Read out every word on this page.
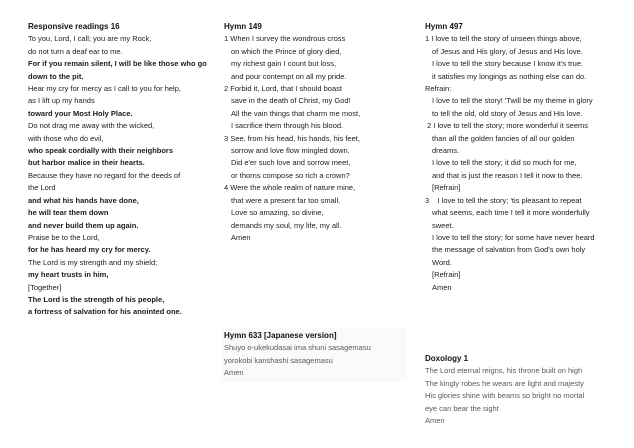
Responsive readings 16
To you, Lord, I call; you are my Rock,
do not turn a deaf ear to me.
For if you remain silent, I will be like those who go
down to the pit.
Hear my cry for mercy as I call to you for help,
as I lift up my hands
toward your Most Holy Place.
Do not drag me away with the wicked,
with those who do evil,
who speak cordially with their neighbors
but harbor malice in their hearts.
Because they have no regard for the deeds of
the Lord
and what his hands have done,
he will tear them down
and never build them up again.
Praise be to the Lord,
for he has heard my cry for mercy.
The Lord is my strength and my shield;
my heart trusts in him,
[Together]
The Lord is the strength of his people,
a fortress of salvation for his anointed one.
Hymn 149
1 When I survey the wondrous cross
on which the Prince of glory died,
my richest gain I count but loss,
and pour contempt on all my pride.
2 Forbid it, Lord, that I should boast
save in the death of Christ, my God!
All the vain things that charm me most,
I sacrifice them through his blood.
3 See, from his head, his hands, his feet,
sorrow and love flow mingled down.
Did e'er such love and sorrow meet,
or thorns compose so rich a crown?
4 Were the whole realm of nature mine,
that were a present far too small.
Love so amazing, so divine,
demands my soul, my life, my all.
Amen
Hymn 633 [Japanese version]
Shuyo o-ukekudasai ima shuni sasagemasu
yorokobi kanshashi sasagemasu
Amen
Hymn 497
1 I love to tell the story of unseen things above,
of Jesus and His glory, of Jesus and His love.
I love to tell the story because I know it's true.
it satisfies my longings as nothing else can do.
Refrain:
I love to tell the story! 'Twill be my theme in glory
to tell the old, old story of Jesus and His love.
2 I love to tell the story; more wonderful it seems
than all the golden fancies of all our golden
dreams.
I love to tell the story; it did so much for me,
and that is just the reason I tell it now to thee.
[Refrain]
3    I love to tell the story; 'tis pleasant to repeat
what seems, each time I tell it more wonderfully
sweet.
I love to tell the story; for some have never heard
the message of salvation from God's own holy
Word.
[Refrain]
Amen
Doxology 1
The Lord eternal reigns, his throne built on high
The kingly robes he wears are light and majesty
His glories shine with beams so bright no mortal
eye can bear the sight
Amen
